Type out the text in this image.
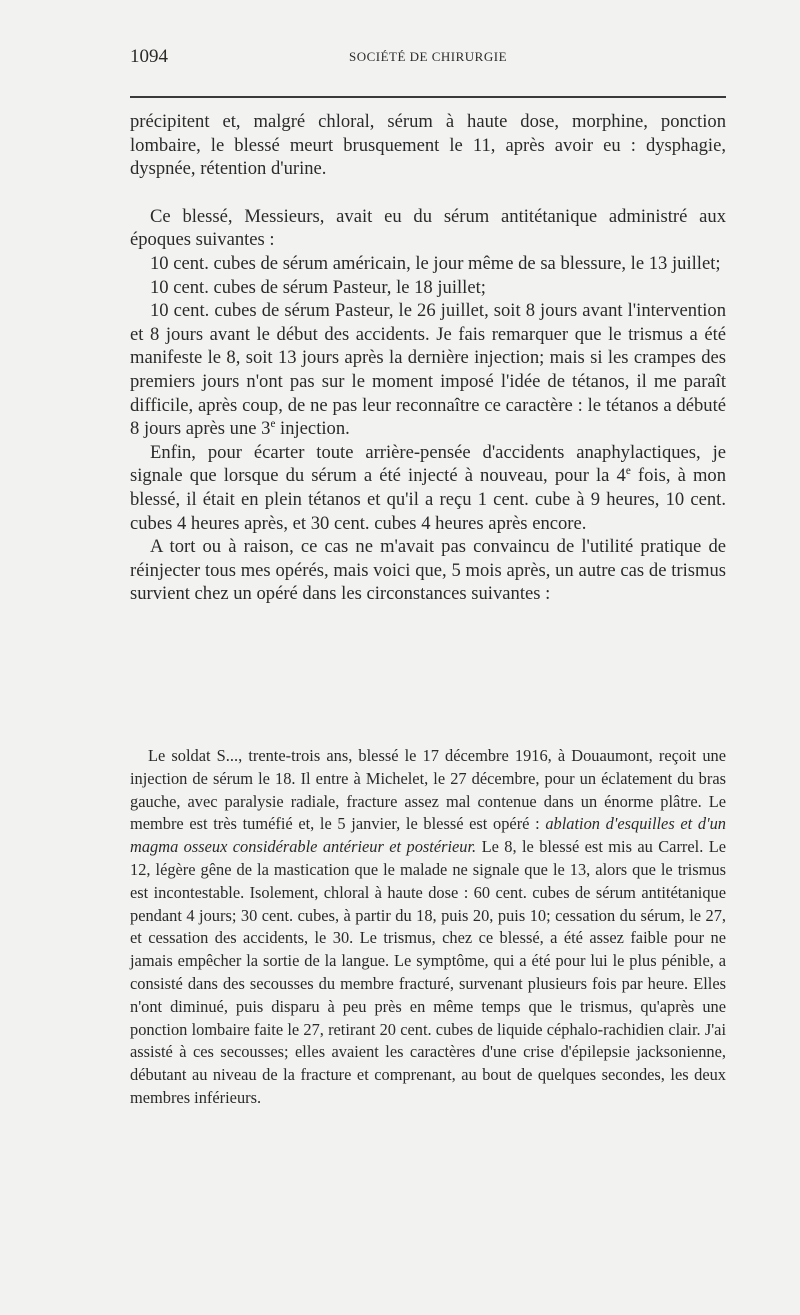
1094	SOCIÉTÉ DE CHIRURGIE

précipitent et, malgré chloral, sérum à haute dose, morphine, ponction lombaire, le blessé meurt brusquement le 11, après avoir eu : dysphagie, dyspnée, rétention d'urine.

Ce blessé, Messieurs, avait eu du sérum antitétanique administré aux époques suivantes :

10 cent. cubes de sérum américain, le jour même de sa blessure, le 13 juillet;

10 cent. cubes de sérum Pasteur, le 18 juillet;

10 cent. cubes de sérum Pasteur, le 26 juillet, soit 8 jours avant l'intervention et 8 jours avant le début des accidents. Je fais remarquer que le trismus a été manifeste le 8, soit 13 jours après la dernière injection; mais si les crampes des premiers jours n'ont pas sur le moment imposé l'idée de tétanos, il me paraît difficile, après coup, de ne pas leur reconnaître ce caractère : le tétanos a débuté 8 jours après une 3e injection.

Enfin, pour écarter toute arrière-pensée d'accidents anaphylactiques, je signale que lorsque du sérum a été injecté à nouveau, pour la 4e fois, à mon blessé, il était en plein tétanos et qu'il a reçu 1 cent. cube à 9 heures, 10 cent. cubes 4 heures après, et 30 cent. cubes 4 heures après encore.

A tort ou à raison, ce cas ne m'avait pas convaincu de l'utilité pratique de réinjecter tous mes opérés, mais voici que, 5 mois après, un autre cas de trismus survient chez un opéré dans les circonstances suivantes :

Le soldat S..., trente-trois ans, blessé le 17 décembre 1916, à Douaumont, reçoit une injection de sérum le 18. Il entre à Michelet, le 27 décembre, pour un éclatement du bras gauche, avec paralysie radiale, fracture assez mal contenue dans un énorme plâtre. Le membre est très tuméfié et, le 5 janvier, le blessé est opéré : ablation d'esquilles et d'un magma osseux considérable antérieur et postérieur. Le 8, le blessé est mis au Carrel. Le 12, légère gêne de la mastication que le malade ne signale que le 13, alors que le trismus est incontestable. Isolement, chloral à haute dose : 60 cent. cubes de sérum antitétanique pendant 4 jours; 30 cent. cubes, à partir du 18, puis 20, puis 10; cessation du sérum, le 27, et cessation des accidents, le 30. Le trismus, chez ce blessé, a été assez faible pour ne jamais empêcher la sortie de la langue. Le symptôme, qui a été pour lui le plus pénible, a consisté dans des secousses du membre fracturé, survenant plusieurs fois par heure. Elles n'ont diminué, puis disparu à peu près en même temps que le trismus, qu'après une ponction lombaire faite le 27, retirant 20 cent. cubes de liquide céphalo-rachidien clair. J'ai assisté à ces secousses; elles avaient les caractères d'une crise d'épilepsie jacksonienne, débutant au niveau de la fracture et comprenant, au bout de quelques secondes, les deux membres inférieurs.
